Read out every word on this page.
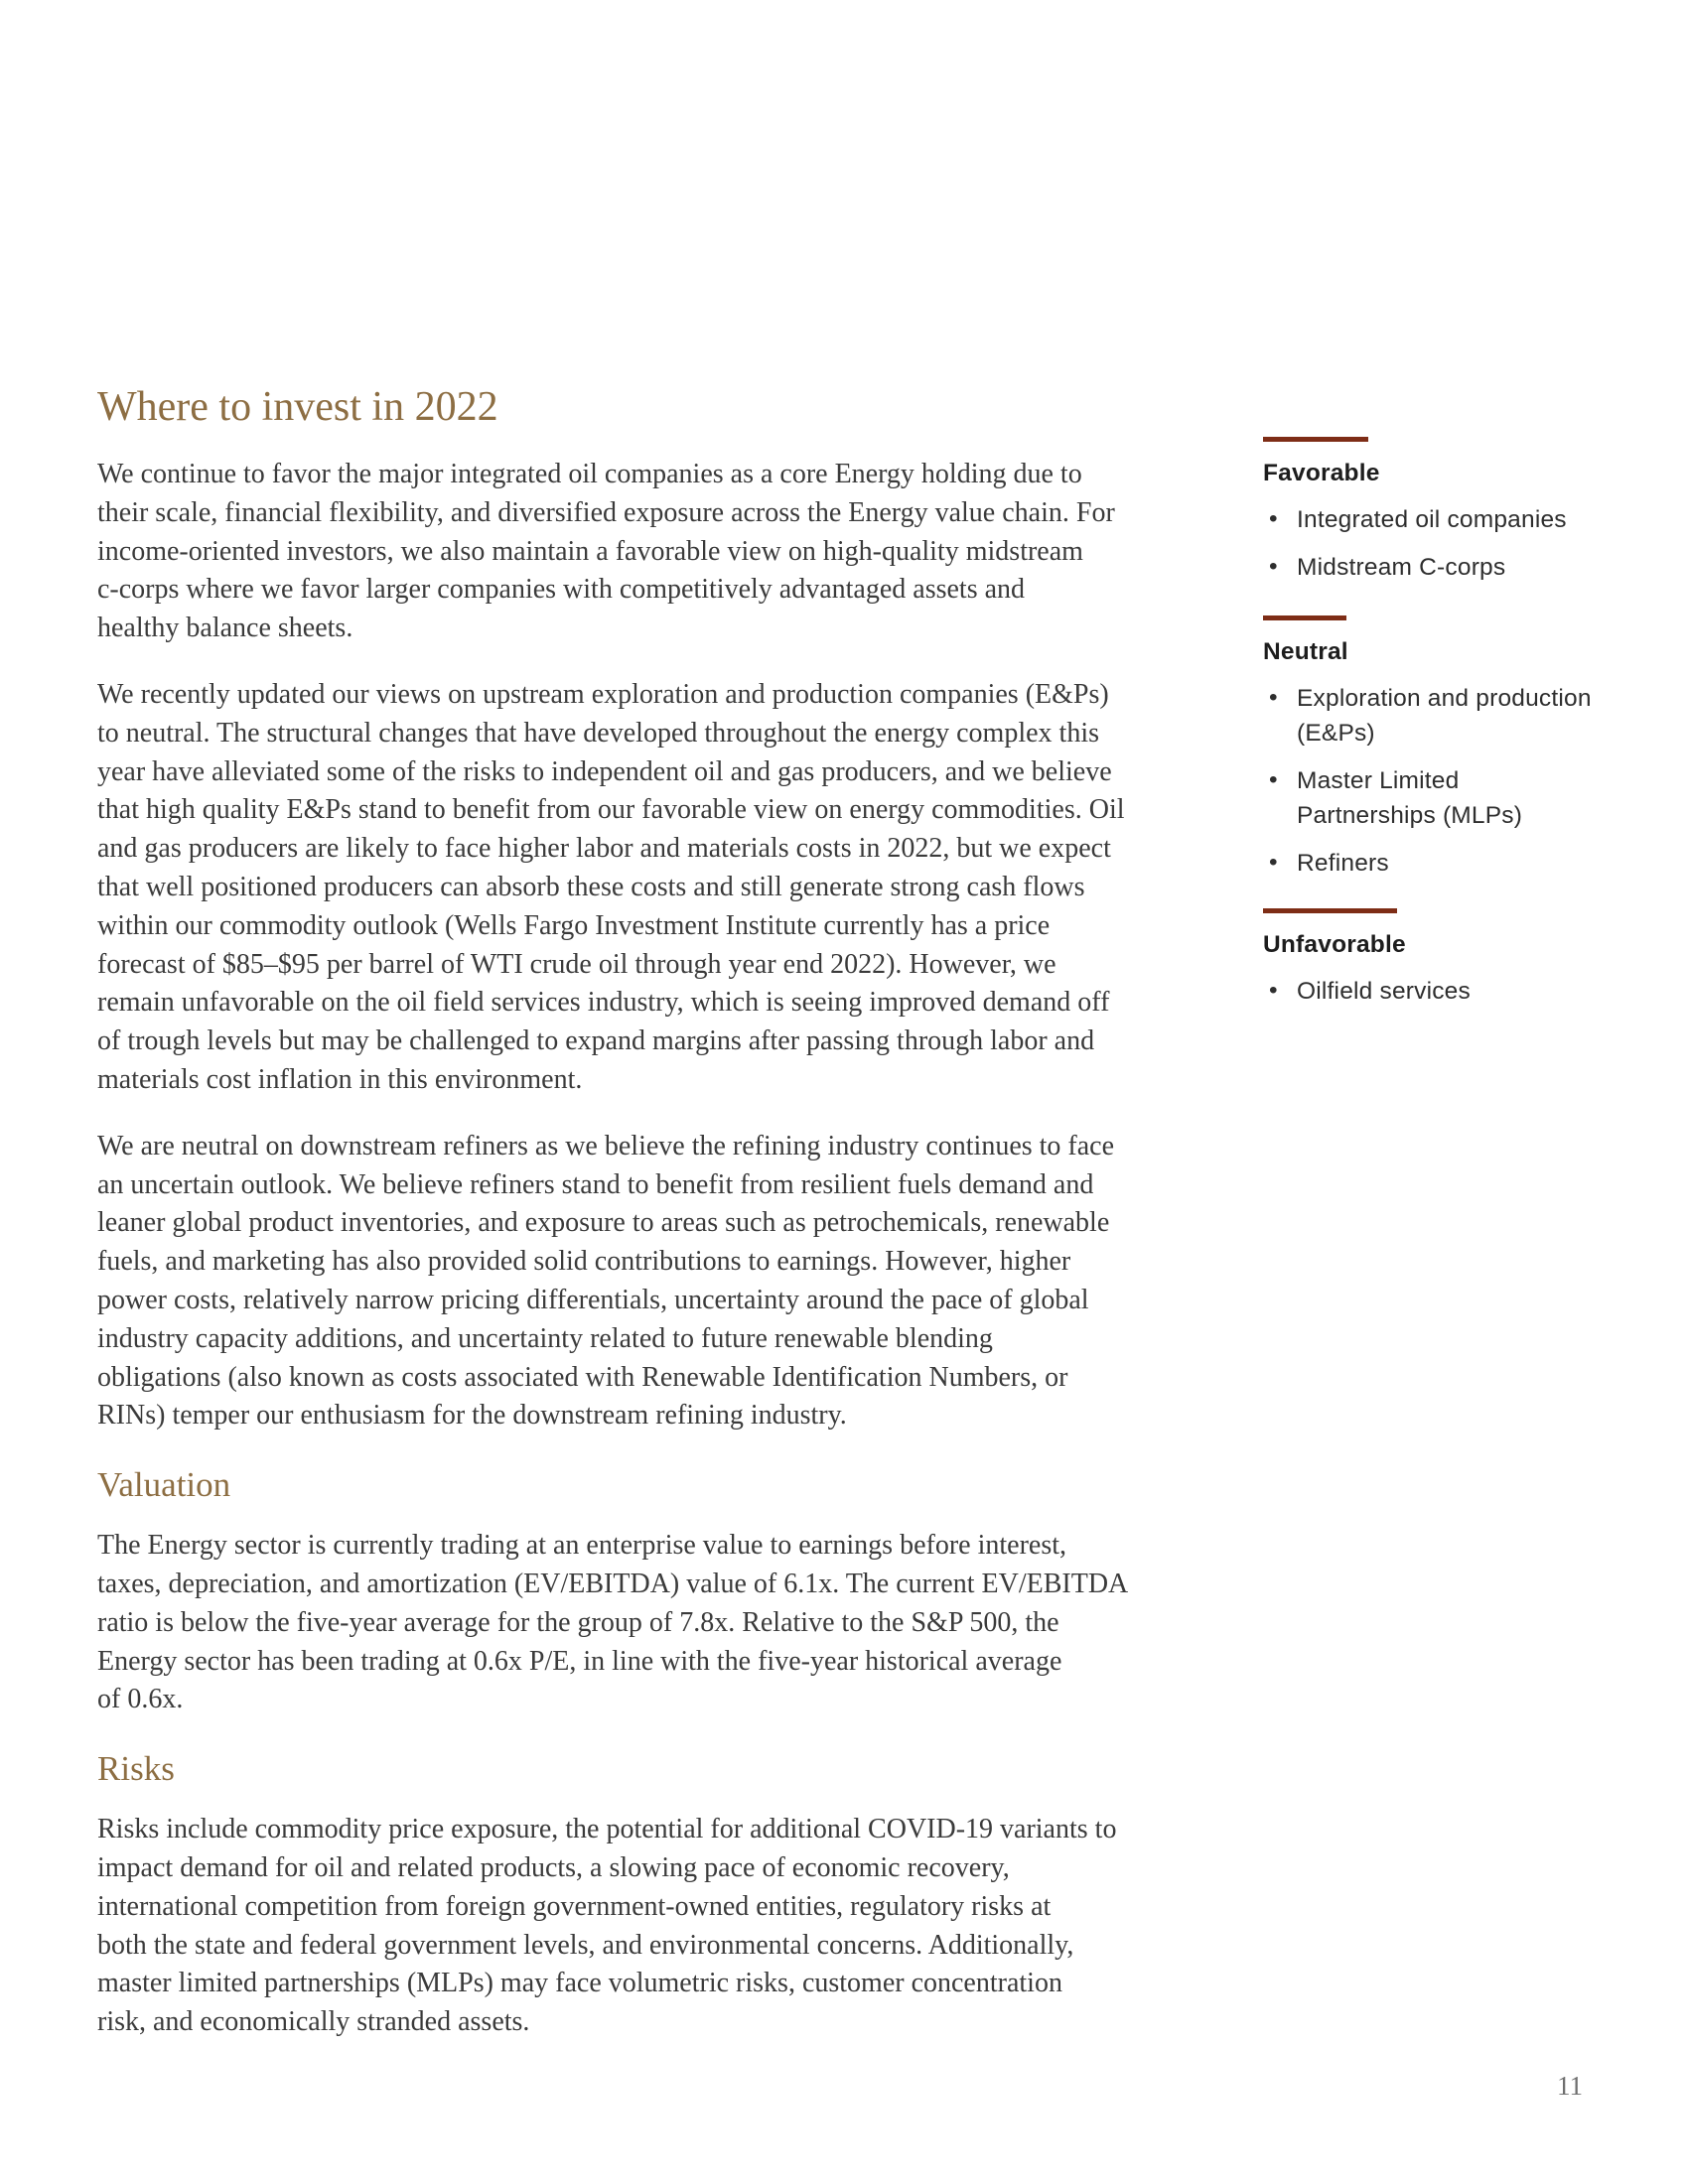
Where to invest in 2022

We continue to favor the major integrated oil companies as a core Energy holding due to
their scale, financial flexibility, and diversified exposure across the Energy value chain. For
income-oriented investors, we also maintain a favorable view on high-quality midstream
c-corps where we favor larger companies with competitively advantaged assets and
healthy balance sheets.

We recently updated our views on upstream exploration and production companies (E&Ps)
to neutral. The structural changes that have developed throughout the energy complex this
year have alleviated some of the risks to independent oil and gas producers, and we believe
that high quality E&Ps stand to benefit from our favorable view on energy commodities. Oil
and gas producers are likely to face higher labor and materials costs in 2022, but we expect
that well positioned producers can absorb these costs and still generate strong cash flows
within our commodity outlook (Wells Fargo Investment Institute currently has a price
forecast of $85–$95 per barrel of WTI crude oil through year end 2022). However, we
remain unfavorable on the oil field services industry, which is seeing improved demand off
of trough levels but may be challenged to expand margins after passing through labor and
materials cost inflation in this environment.

We are neutral on downstream refiners as we believe the refining industry continues to face
an uncertain outlook. We believe refiners stand to benefit from resilient fuels demand and
leaner global product inventories, and exposure to areas such as petrochemicals, renewable
fuels, and marketing has also provided solid contributions to earnings. However, higher
power costs, relatively narrow pricing differentials, uncertainty around the pace of global
industry capacity additions, and uncertainty related to future renewable blending
obligations (also known as costs associated with Renewable Identification Numbers, or
RINs) temper our enthusiasm for the downstream refining industry.

Valuation

The Energy sector is currently trading at an enterprise value to earnings before interest,
taxes, depreciation, and amortization (EV/EBITDA) value of 6.1x. The current EV/EBITDA
ratio is below the five-year average for the group of 7.8x. Relative to the S&P 500, the
Energy sector has been trading at 0.6x P/E, in line with the five-year historical average
of 0.6x.

Risks

Risks include commodity price exposure, the potential for additional COVID-19 variants to
impact demand for oil and related products, a slowing pace of economic recovery,
international competition from foreign government-owned entities, regulatory risks at
both the state and federal government levels, and environmental concerns. Additionally,
master limited partnerships (MLPs) may face volumetric risks, customer concentration
risk, and economically stranded assets.

Favorable
• Integrated oil companies
• Midstream C-corps
Neutral
• Exploration and production
(E&Ps)
• Master Limited
Partnerships (MLPs)
• Refiners
Unfavorable
• Oilfield services
11
